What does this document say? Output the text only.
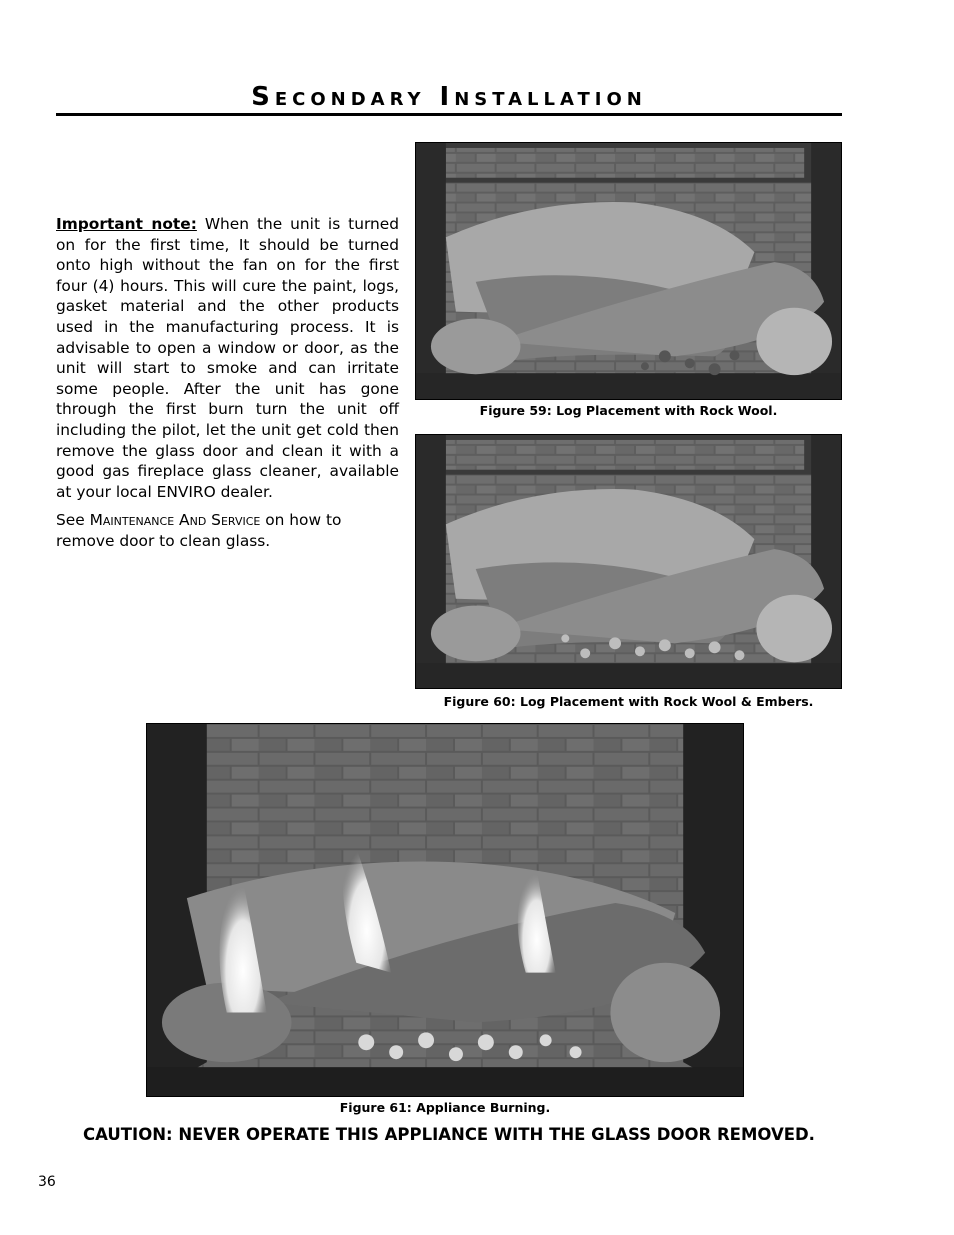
Secondary Installation

Important note: When the unit is turned on for the first time, It should be turned onto high without the fan on for the first four (4) hours. This will cure the paint, logs, gasket material and the other products used in the manufacturing process. It is advisable to open a window or door, as the unit will start to smoke and can irritate some people. After the unit has gone through the first burn turn the unit off including the pilot, let the unit get cold then remove the glass door and clean it with a good gas fireplace glass cleaner, available at your local ENVIRO dealer.

See Maintenance And Service on how to remove door to clean glass.

Figure 59: Log Placement with Rock Wool.
Figure 60: Log Placement with Rock Wool & Embers.
Figure 61: Appliance Burning.
CAUTION: NEVER OPERATE THIS APPLIANCE WITH THE GLASS DOOR REMOVED.
36
